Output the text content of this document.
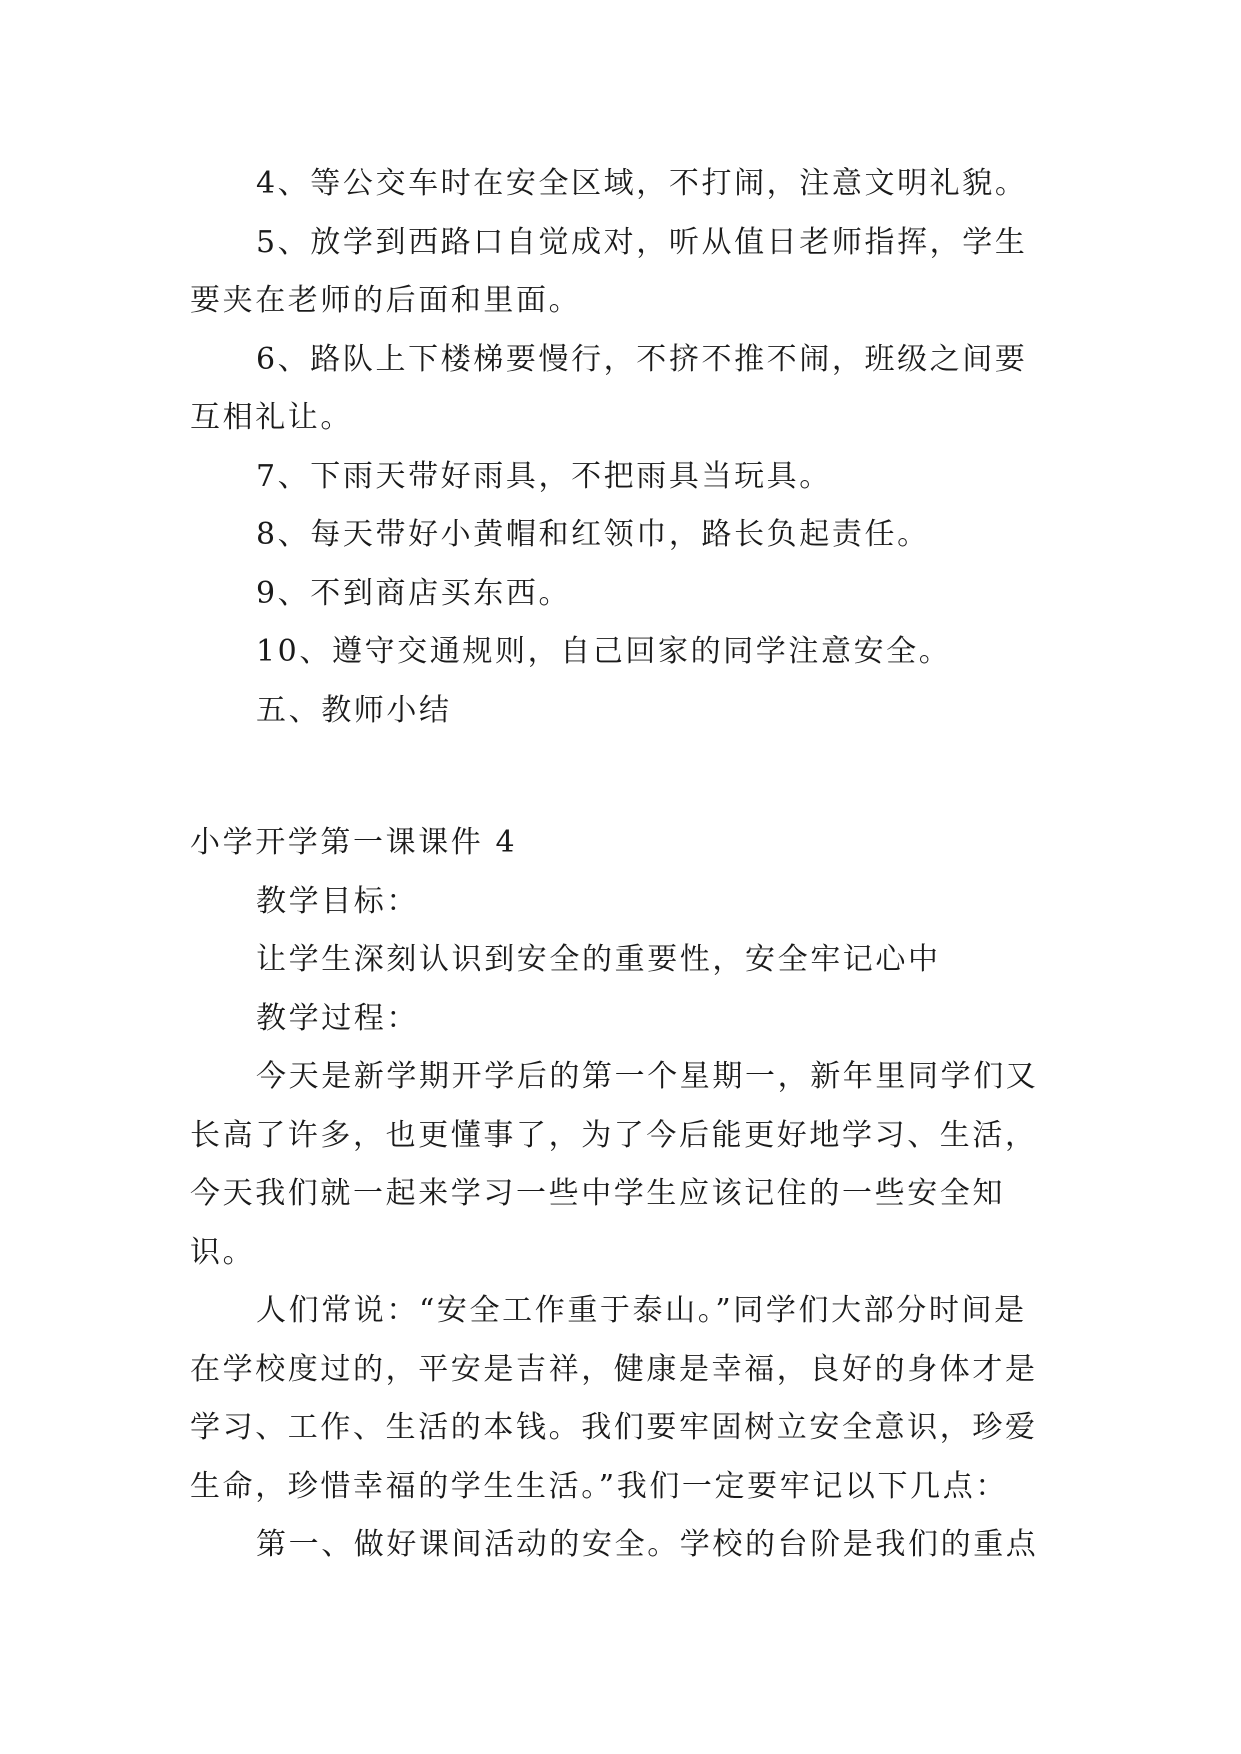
4、等公交车时在安全区域，不打闹，注意文明礼貌。
5、放学到西路口自觉成对，听从值日老师指挥，学生
要夹在老师的后面和里面。
6、路队上下楼梯要慢行，不挤不推不闹，班级之间要
互相礼让。
7、下雨天带好雨具，不把雨具当玩具。
8、每天带好小黄帽和红领巾，路长负起责任。
9、不到商店买东西。
10、遵守交通规则，自己回家的同学注意安全。
五、教师小结
小学开学第一课课件 4
教学目标：
让学生深刻认识到安全的重要性，安全牢记心中
教学过程：
今天是新学期开学后的第一个星期一，新年里同学们又
长高了许多，也更懂事了，为了今后能更好地学习、生活，
今天我们就一起来学习一些中学生应该记住的一些安全知
识。
人们常说：“安全工作重于泰山。”同学们大部分时间是
在学校度过的，平安是吉祥，健康是幸福，良好的身体才是
学习、工作、生活的本钱。我们要牢固树立安全意识，珍爱
生命，珍惜幸福的学生生活。”我们一定要牢记以下几点：
第一、做好课间活动的安全。学校的台阶是我们的重点
